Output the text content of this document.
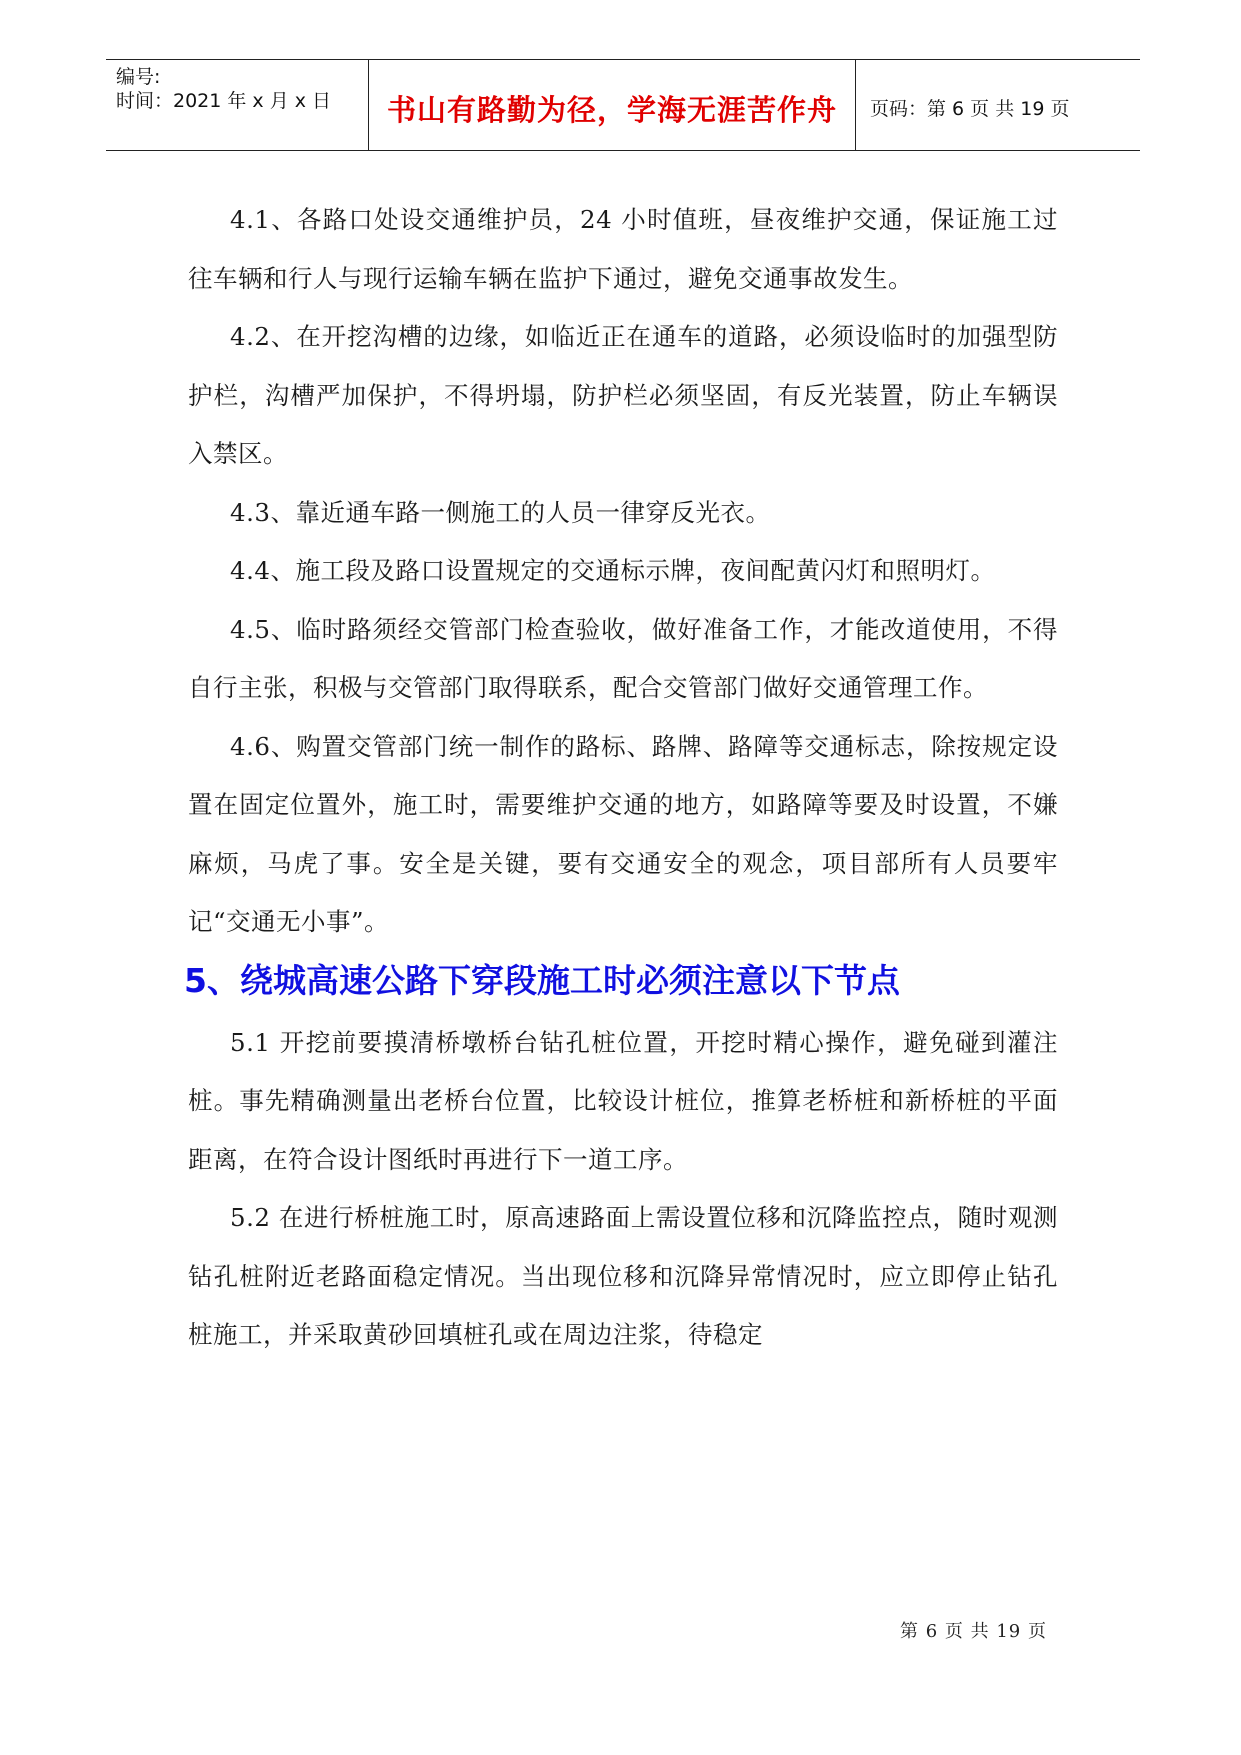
编号:
时间：2021 年 x 月 x 日	书山有路勤为径，学海无涯苦作舟	页码：第 6 页 共 19 页

4.1、各路口处设交通维护员，24 小时值班，昼夜维护交通，保证施工过往车辆和行人与现行运输车辆在监护下通过，避免交通事故发生。

4.2、在开挖沟槽的边缘，如临近正在通车的道路，必须设临时的加强型防护栏，沟槽严加保护，不得坍塌，防护栏必须坚固，有反光装置，防止车辆误入禁区。

4.3、靠近通车路一侧施工的人员一律穿反光衣。

4.4、施工段及路口设置规定的交通标示牌，夜间配黄闪灯和照明灯。

4.5、临时路须经交管部门检查验收，做好准备工作，才能改道使用，不得自行主张，积极与交管部门取得联系，配合交管部门做好交通管理工作。

4.6、购置交管部门统一制作的路标、路牌、路障等交通标志，除按规定设置在固定位置外，施工时，需要维护交通的地方，如路障等要及时设置，不嫌麻烦，马虎了事。安全是关键，要有交通安全的观念，项目部所有人员要牢记“交通无小事”。

5、绕城高速公路下穿段施工时必须注意以下节点

5.1 开挖前要摸清桥墩桥台钻孔桩位置，开挖时精心操作，避免碰到灌注桩。事先精确测量出老桥台位置，比较设计桩位，推算老桥桩和新桥桩的平面距离，在符合设计图纸时再进行下一道工序。

5.2 在进行桥桩施工时，原高速路面上需设置位移和沉降监控点，随时观测钻孔桩附近老路面稳定情况。当出现位移和沉降异常情况时，应立即停止钻孔桩施工，并采取黄砂回填桩孔或在周边注浆，待稳定

第 6 页 共 19 页
